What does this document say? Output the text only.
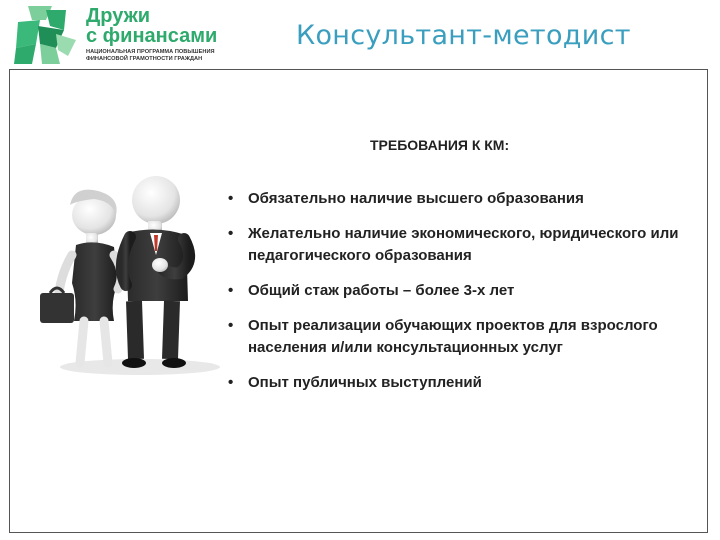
Дружи
с финансами
НАЦИОНАЛЬНАЯ ПРОГРАММА ПОВЫШЕНИЯ
ФИНАНСОВОЙ ГРАМОТНОСТИ ГРАЖДАН
Консультант-методист
ТРЕБОВАНИЯ К КМ:
• Обязательно наличие высшего образования
• Желательно наличие экономического, юридического или педагогического образования
• Общий стаж работы – более 3-х лет
• Опыт реализации обучающих проектов для взрослого населения и/или консультационных услуг
• Опыт публичных выступлений
